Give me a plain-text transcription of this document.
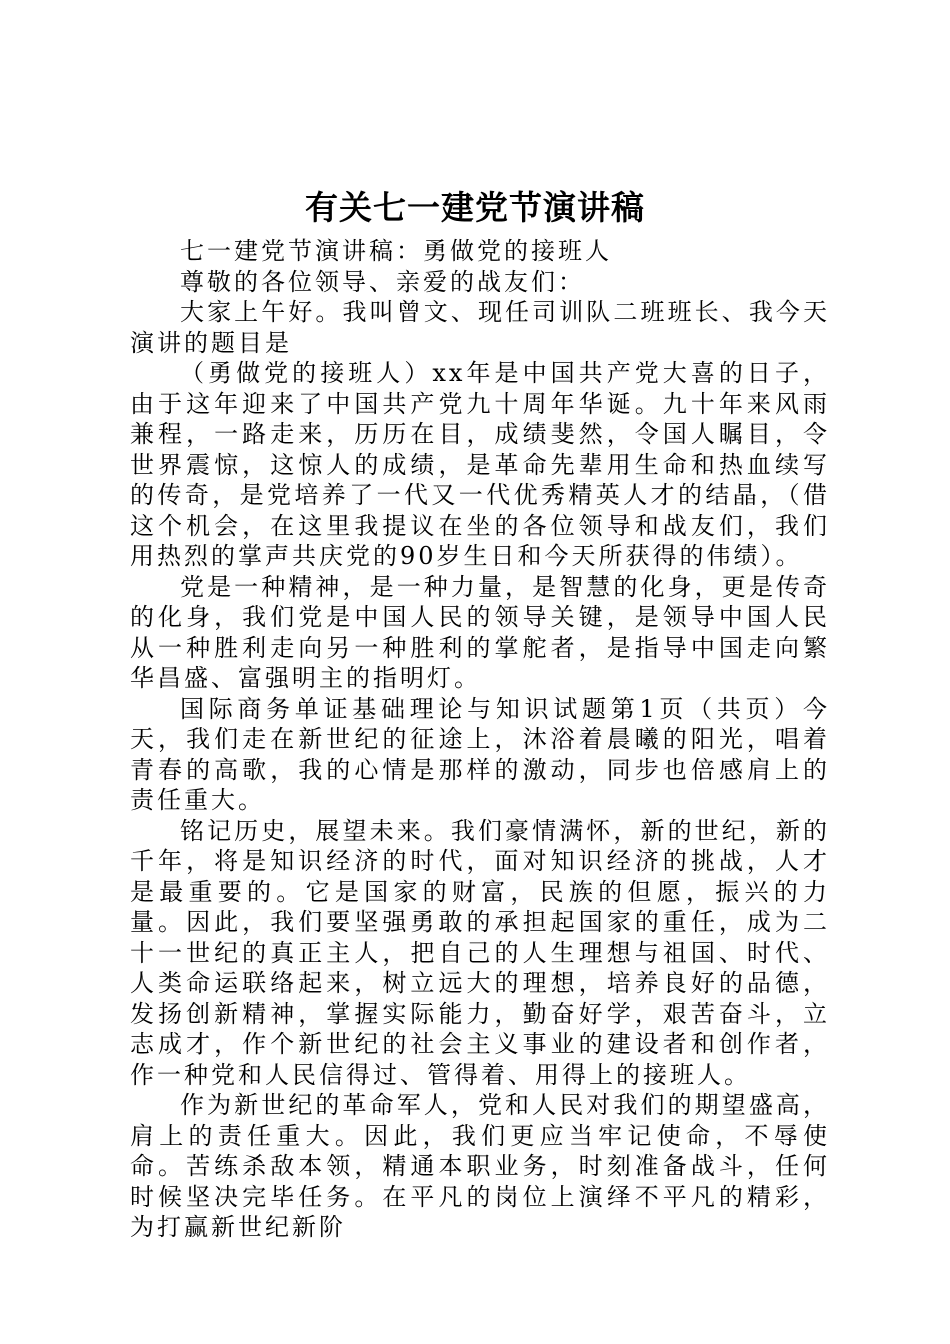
有关七一建党节演讲稿

七一建党节演讲稿：勇做党的接班人

尊敬的各位领导、亲爱的战友们：

大家上午好。我叫曾文、现任司训队二班班长、我今天演讲的题目是

（勇做党的接班人）xx年是中国共产党大喜的日子，由于这年迎来了中国共产党九十周年华诞。九十年来风雨兼程，一路走来，历历在目，成绩斐然，令国人瞩目，令世界震惊，这惊人的成绩，是革命先辈用生命和热血续写的传奇，是党培养了一代又一代优秀精英人才的结晶，（借这个机会，在这里我提议在坐的各位领导和战友们，我们用热烈的掌声共庆党的90岁生日和今天所获得的伟绩）。

党是一种精神，是一种力量，是智慧的化身，更是传奇的化身，我们党是中国人民的领导关键，是领导中国人民从一种胜利走向另一种胜利的掌舵者，是指导中国走向繁华昌盛、富强明主的指明灯。

国际商务单证基础理论与知识试题第1页（共页）今天，我们走在新世纪的征途上，沐浴着晨曦的阳光，唱着青春的高歌，我的心情是那样的激动，同步也倍感肩上的责任重大。

铭记历史，展望未来。我们豪情满怀，新的世纪，新的千年，将是知识经济的时代，面对知识经济的挑战，人才是最重要的。它是国家的财富，民族的但愿，振兴的力量。因此，我们要坚强勇敢的承担起国家的重任，成为二十一世纪的真正主人，把自己的人生理想与祖国、时代、人类命运联络起来，树立远大的理想，培养良好的品德，发扬创新精神，掌握实际能力，勤奋好学，艰苦奋斗，立志成才，作个新世纪的社会主义事业的建设者和创作者，作一种党和人民信得过、管得着、用得上的接班人。

作为新世纪的革命军人，党和人民对我们的期望盛高，肩上的责任重大。因此，我们更应当牢记使命，不辱使命。苦练杀敌本领，精通本职业务，时刻准备战斗，任何时候坚决完毕任务。在平凡的岗位上演绎不平凡的精彩，为打赢新世纪新阶
